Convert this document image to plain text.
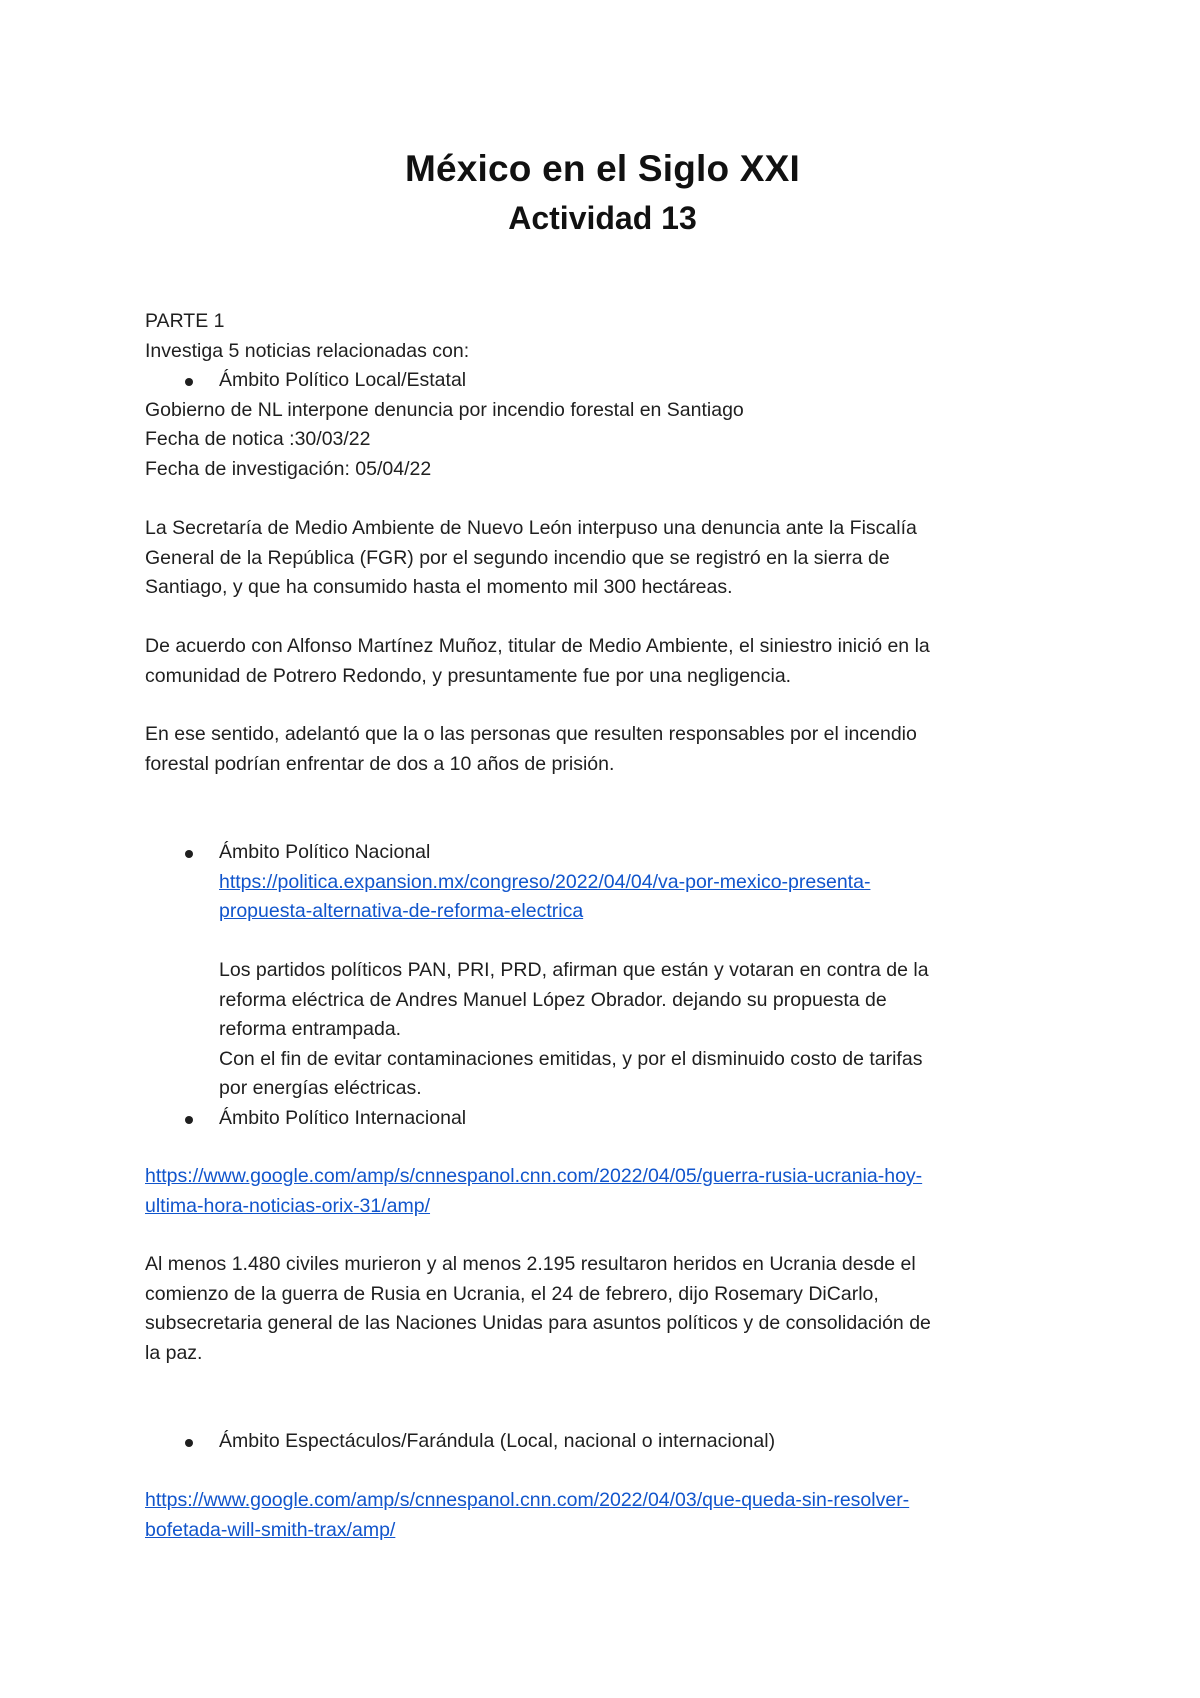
México en el Siglo XXI
Actividad 13
PARTE 1
Investiga 5 noticias relacionadas con:
Ámbito Político Local/Estatal
Gobierno de NL interpone denuncia por incendio forestal en Santiago
Fecha de notica :30/03/22
Fecha de investigación: 05/04/22
La Secretaría de Medio Ambiente de Nuevo León interpuso una denuncia ante la Fiscalía
General de la República (FGR) por el segundo incendio que se registró en la sierra de
Santiago, y que ha consumido hasta el momento mil 300 hectáreas.
De acuerdo con Alfonso Martínez Muñoz, titular de Medio Ambiente, el siniestro inició en la
comunidad de Potrero Redondo, y presuntamente fue por una negligencia.
En ese sentido, adelantó que la o las personas que resulten responsables por el incendio
forestal podrían enfrentar de dos a 10 años de prisión.
Ámbito Político Nacional
https://politica.expansion.mx/congreso/2022/04/04/va-por-mexico-presenta-
propuesta-alternativa-de-reforma-electrica
Los partidos políticos PAN, PRI, PRD, afirman que están y votaran en contra de la
reforma eléctrica de Andres Manuel López Obrador. dejando su propuesta de
reforma entrampada.
Con el fin de evitar contaminaciones emitidas, y por el disminuido costo de tarifas
por energías eléctricas.
Ámbito Político Internacional
https://www.google.com/amp/s/cnnespanol.cnn.com/2022/04/05/guerra-rusia-ucrania-hoy-
ultima-hora-noticias-orix-31/amp/
Al menos 1.480 civiles murieron y al menos 2.195 resultaron heridos en Ucrania desde el
comienzo de la guerra de Rusia en Ucrania, el 24 de febrero, dijo Rosemary DiCarlo,
subsecretaria general de las Naciones Unidas para asuntos políticos y de consolidación de
la paz.
Ámbito Espectáculos/Farándula (Local, nacional o internacional)
https://www.google.com/amp/s/cnnespanol.cnn.com/2022/04/03/que-queda-sin-resolver-
bofetada-will-smith-trax/amp/
